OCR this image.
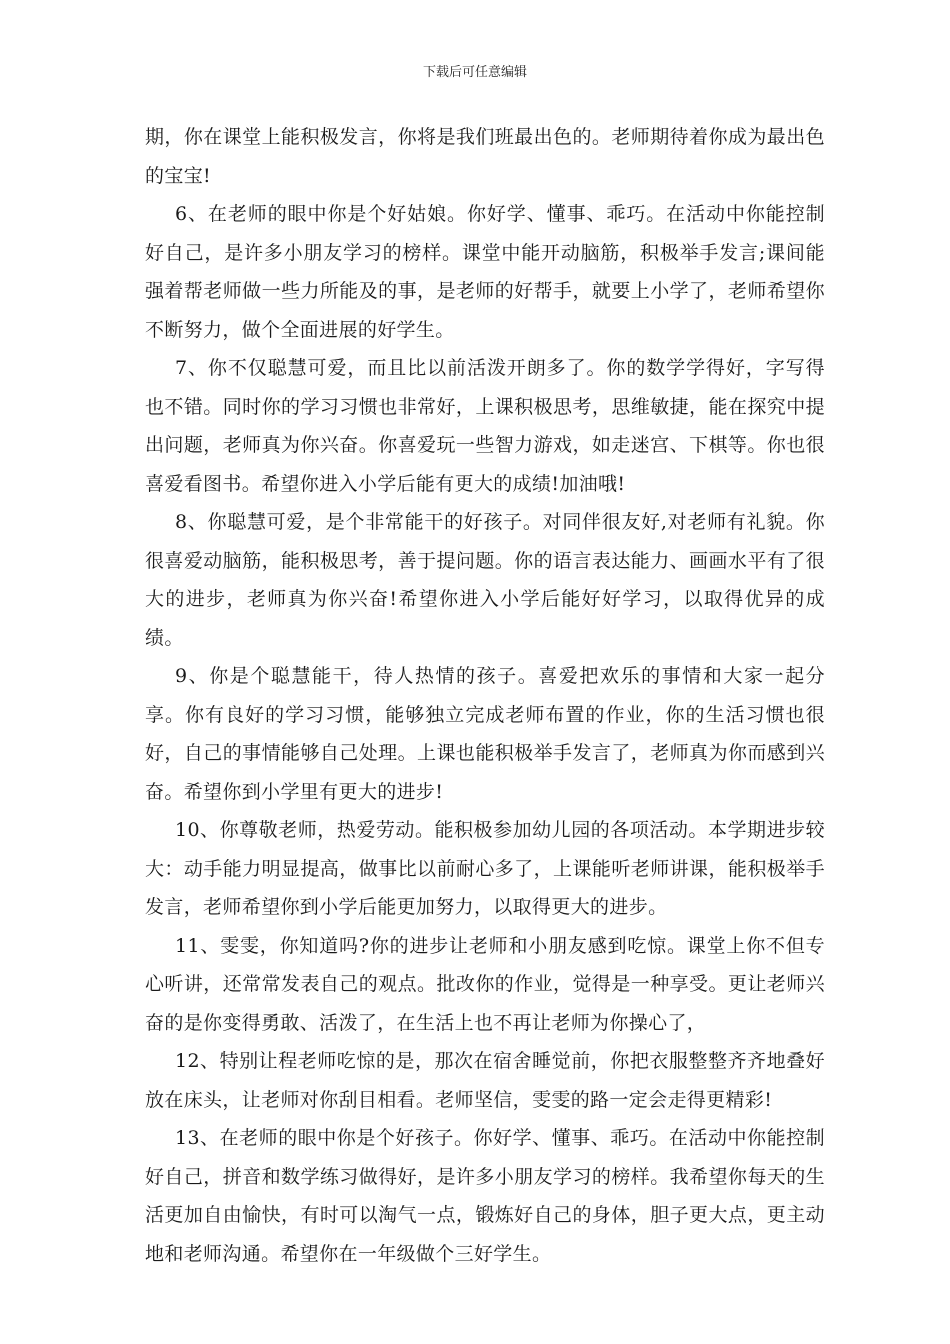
下载后可任意编辑

期，你在课堂上能积极发言，你将是我们班最出色的。老师期待着你成为最出色的宝宝!

6、在老师的眼中你是个好姑娘。你好学、懂事、乖巧。在活动中你能控制好自己，是许多小朋友学习的榜样。课堂中能开动脑筋，积极举手发言;课间能强着帮老师做一些力所能及的事，是老师的好帮手，就要上小学了，老师希望你不断努力，做个全面进展的好学生。

7、你不仅聪慧可爱，而且比以前活泼开朗多了。你的数学学得好，字写得也不错。同时你的学习习惯也非常好，上课积极思考，思维敏捷，能在探究中提出问题，老师真为你兴奋。你喜爱玩一些智力游戏，如走迷宫、下棋等。你也很喜爱看图书。希望你进入小学后能有更大的成绩!加油哦!

8、你聪慧可爱，是个非常能干的好孩子。对同伴很友好,对老师有礼貌。你很喜爱动脑筋，能积极思考，善于提问题。你的语言表达能力、画画水平有了很大的进步，老师真为你兴奋!希望你进入小学后能好好学习，以取得优异的成绩。

9、你是个聪慧能干，待人热情的孩子。喜爱把欢乐的事情和大家一起分享。你有良好的学习习惯，能够独立完成老师布置的作业，你的生活习惯也很好，自己的事情能够自己处理。上课也能积极举手发言了，老师真为你而感到兴奋。希望你到小学里有更大的进步!

10、你尊敬老师，热爱劳动。能积极参加幼儿园的各项活动。本学期进步较大：动手能力明显提高，做事比以前耐心多了，上课能听老师讲课，能积极举手发言，老师希望你到小学后能更加努力，以取得更大的进步。

11、雯雯，你知道吗?你的进步让老师和小朋友感到吃惊。课堂上你不但专心听讲，还常常发表自己的观点。批改你的作业，觉得是一种享受。更让老师兴奋的是你变得勇敢、活泼了，在生活上也不再让老师为你操心了，

12、特别让程老师吃惊的是，那次在宿舍睡觉前，你把衣服整整齐齐地叠好放在床头，让老师对你刮目相看。老师坚信，雯雯的路一定会走得更精彩!

13、在老师的眼中你是个好孩子。你好学、懂事、乖巧。在活动中你能控制好自己，拼音和数学练习做得好，是许多小朋友学习的榜样。我希望你每天的生活更加自由愉快，有时可以淘气一点，锻炼好自己的身体，胆子更大点，更主动地和老师沟通。希望你在一年级做个三好学生。
